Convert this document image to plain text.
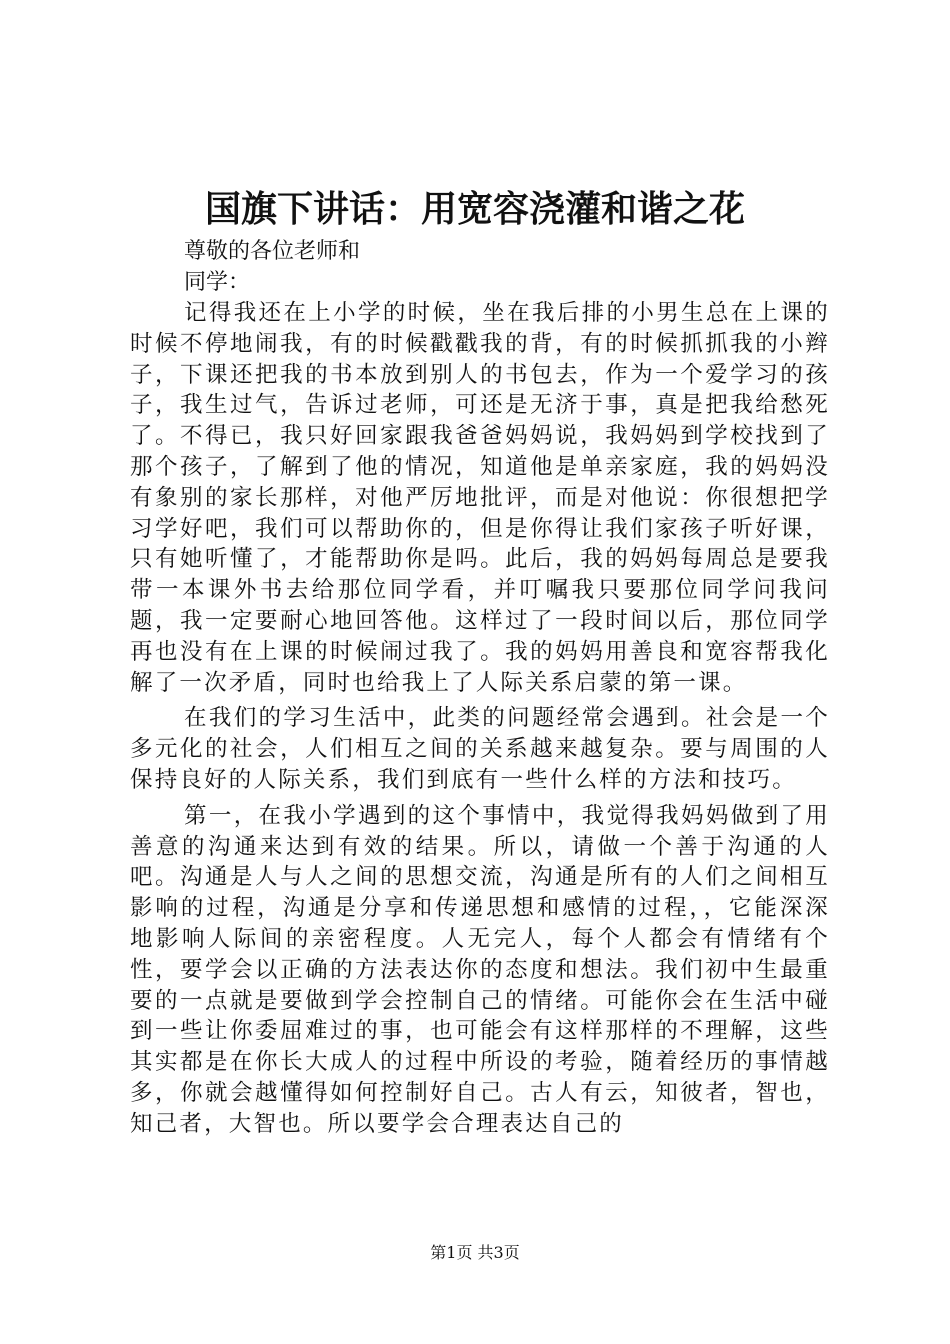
国旗下讲话：用宽容浇灌和谐之花

尊敬的各位老师和

同学：

记得我还在上小学的时候，坐在我后排的小男生总在上课的时候不停地闹我，有的时候戳戳我的背，有的时候抓抓我的小辫子，下课还把我的书本放到别人的书包去，作为一个爱学习的孩子，我生过气，告诉过老师，可还是无济于事，真是把我给愁死了。不得已，我只好回家跟我爸爸妈妈说，我妈妈到学校找到了那个孩子，了解到了他的情况，知道他是单亲家庭，我的妈妈没有象别的家长那样，对他严厉地批评，而是对他说：你很想把学习学好吧，我们可以帮助你的，但是你得让我们家孩子听好课，只有她听懂了，才能帮助你是吗。此后，我的妈妈每周总是要我带一本课外书去给那位同学看，并叮嘱我只要那位同学问我问题，我一定要耐心地回答他。这样过了一段时间以后，那位同学再也没有在上课的时候闹过我了。我的妈妈用善良和宽容帮我化解了一次矛盾，同时也给我上了人际关系启蒙的第一课。

在我们的学习生活中，此类的问题经常会遇到。社会是一个多元化的社会，人们相互之间的关系越来越复杂。要与周围的人保持良好的人际关系，我们到底有一些什么样的方法和技巧。

第一，在我小学遇到的这个事情中，我觉得我妈妈做到了用善意的沟通来达到有效的结果。所以，请做一个善于沟通的人吧。沟通是人与人之间的思想交流，沟通是所有的人们之间相互影响的过程，沟通是分享和传递思想和感情的过程，，它能深深地影响人际间的亲密程度。人无完人，每个人都会有情绪有个性，要学会以正确的方法表达你的态度和想法。我们初中生最重要的一点就是要做到学会控制自己的情绪。可能你会在生活中碰到一些让你委屈难过的事，也可能会有这样那样的不理解，这些其实都是在你长大成人的过程中所设的考验，随着经历的事情越多，你就会越懂得如何控制好自己。古人有云，知彼者，智也，知己者，大智也。所以要学会合理表达自己的

第1页 共3页
